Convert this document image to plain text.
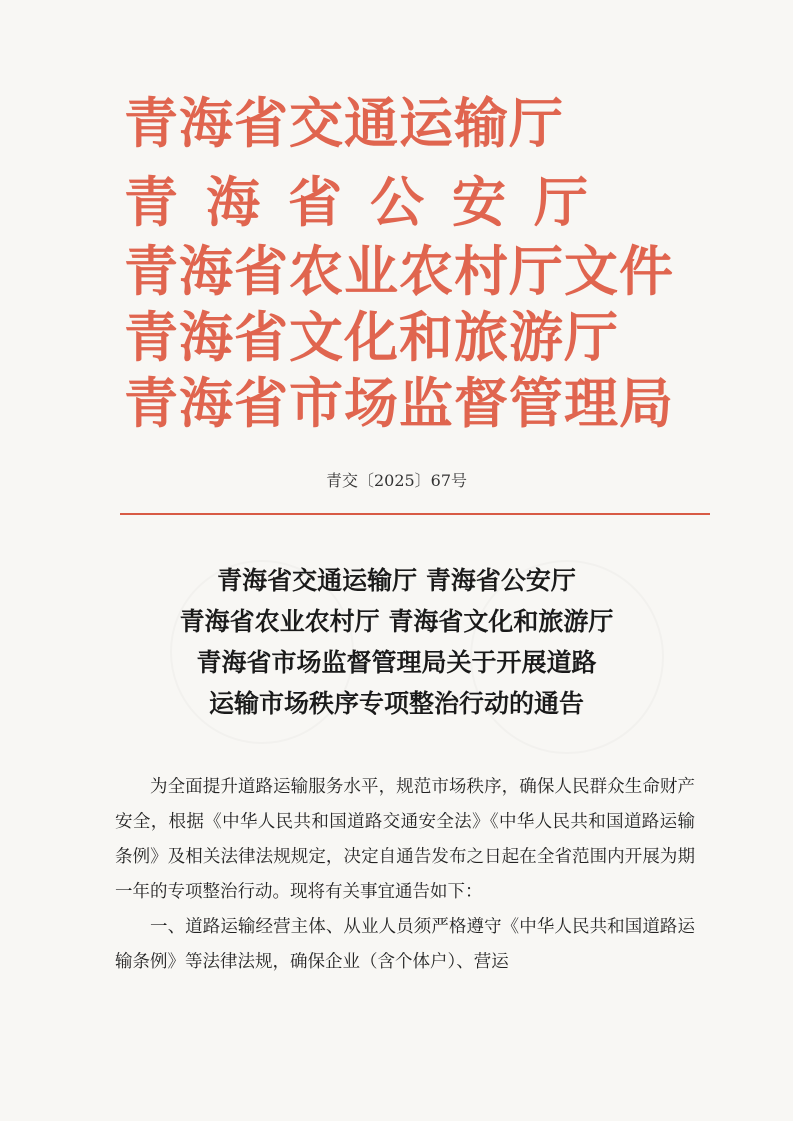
青海省交通运输厅
青海省公安厅
青海省农业农村厅文件
青海省文化和旅游厅
青海省市场监督管理局
青交〔2025〕67号
青海省交通运输厅 青海省公安厅
青海省农业农村厅 青海省文化和旅游厅
青海省市场监督管理局关于开展道路
运输市场秩序专项整治行动的通告

为全面提升道路运输服务水平，规范市场秩序，确保人民群众生命财产安全，根据《中华人民共和国道路交通安全法》《中华人民共和国道路运输条例》及相关法律法规规定，决定自通告发布之日起在全省范围内开展为期一年的专项整治行动。现将有关事宜通告如下：

一、道路运输经营主体、从业人员须严格遵守《中华人民共和国道路运输条例》等法律法规，确保企业（含个体户）、营运
